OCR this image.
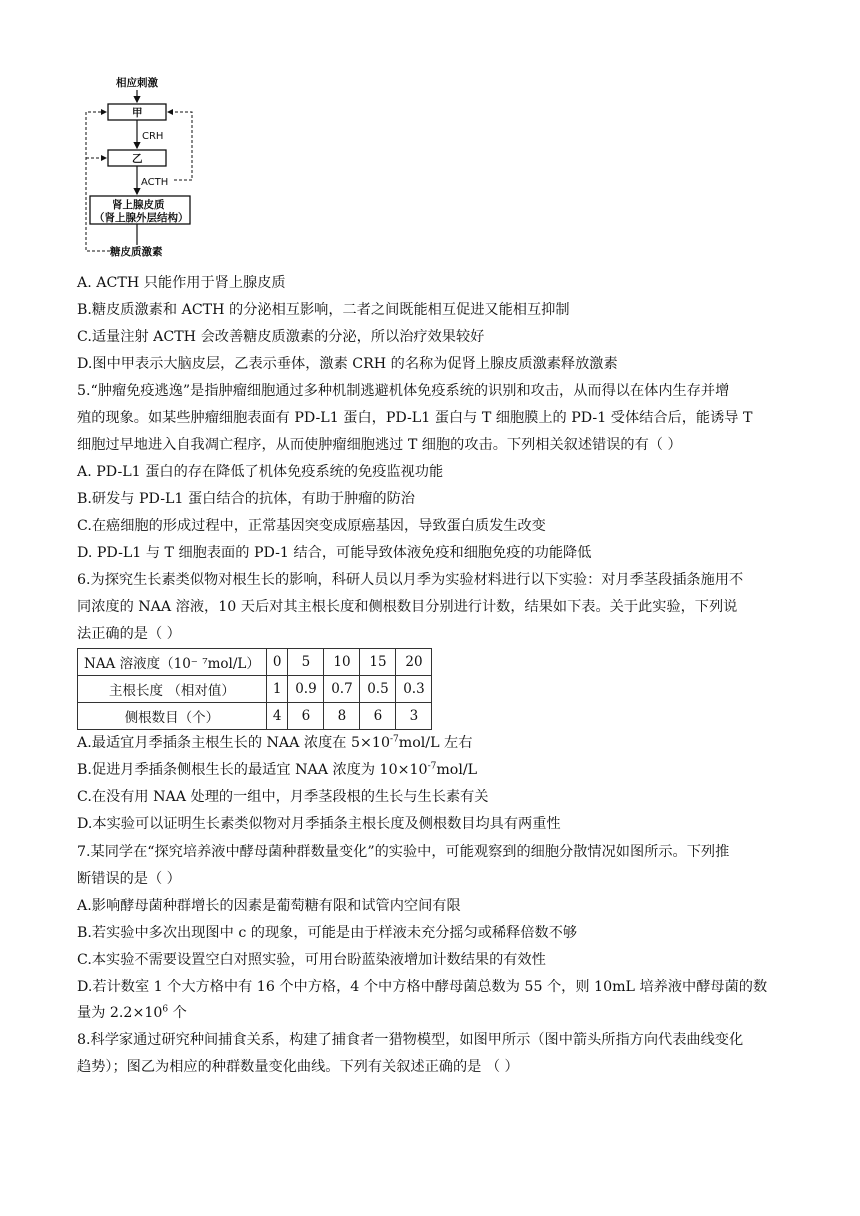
相应刺激
甲
CRH
乙
ACTH
肾上腺皮质
（肾上腺外层结构）
糖皮质激素
A. ACTH 只能作用于肾上腺皮质
B.糖皮质激素和 ACTH 的分泌相互影响，二者之间既能相互促进又能相互抑制
C.适量注射 ACTH 会改善糖皮质激素的分泌，所以治疗效果较好
D.图中甲表示大脑皮层，乙表示垂体，激素 CRH 的名称为促肾上腺皮质激素释放激素
5.“肿瘤免疫逃逸”是指肿瘤细胞通过多种机制逃避机体免疫系统的识别和攻击，从而得以在体内生存并增
殖的现象。如某些肿瘤细胞表面有 PD-L1 蛋白，PD-L1 蛋白与 T 细胞膜上的 PD-1 受体结合后，能诱导 T
细胞过早地进入自我凋亡程序，从而使肿瘤细胞逃过 T 细胞的攻击。下列相关叙述错误的有（ ）
A. PD-L1 蛋白的存在降低了机体免疫系统的免疫监视功能
B.研发与 PD-L1 蛋白结合的抗体，有助于肿瘤的防治
C.在癌细胞的形成过程中，正常基因突变成原癌基因，导致蛋白质发生改变
D. PD-L1 与 T 细胞表面的 PD-1 结合，可能导致体液免疫和细胞免疫的功能降低
6.为探究生长素类似物对根生长的影响，科研人员以月季为实验材料进行以下实验：对月季茎段插条施用不
同浓度的 NAA 溶液，10 天后对其主根长度和侧根数目分别进行计数，结果如下表。关于此实验，下列说
法正确的是（ ）
NAA 溶液度（10⁻ ⁷mol/L）	0	5	10	15	20
主根长度 （相对值）	1	0.9	0.7	0.5	0.3
侧根数目（个）	4	6	8	6	3
A.最适宜月季插条主根生长的 NAA 浓度在 $5\times 10^{-7}mol/L$ 左右
B.促进月季插条侧根生长的最适宜 NAA 浓度为 $10\times 10^{-7}mol/L$
C.在没有用 NAA 处理的一组中，月季茎段根的生长与生长素有关
D.本实验可以证明生长素类似物对月季插条主根长度及侧根数目均具有两重性
7.某同学在“探究培养液中酵母菌种群数量变化”的实验中，可能观察到的细胞分散情况如图所示。下列推
断错误的是（ ）
A.影响酵母菌种群增长的因素是葡萄糖有限和试管内空间有限
B.若实验中多次出现图中 c 的现象，可能是由于样液未充分摇匀或稀释倍数不够
C.本实验不需要设置空白对照实验，可用台盼蓝染液增加计数结果的有效性
D.若计数室 1 个大方格中有 16 个中方格，4 个中方格中酵母菌总数为 55 个，则 10mL 培养液中酵母菌的数
量为 $2.2\times 10^6$ 个
8.科学家通过研究种间捕食关系，构建了捕食者一猎物模型，如图甲所示（图中箭头所指方向代表曲线变化
趋势）；图乙为相应的种群数量变化曲线。下列有关叙述正确的是 （ ）
